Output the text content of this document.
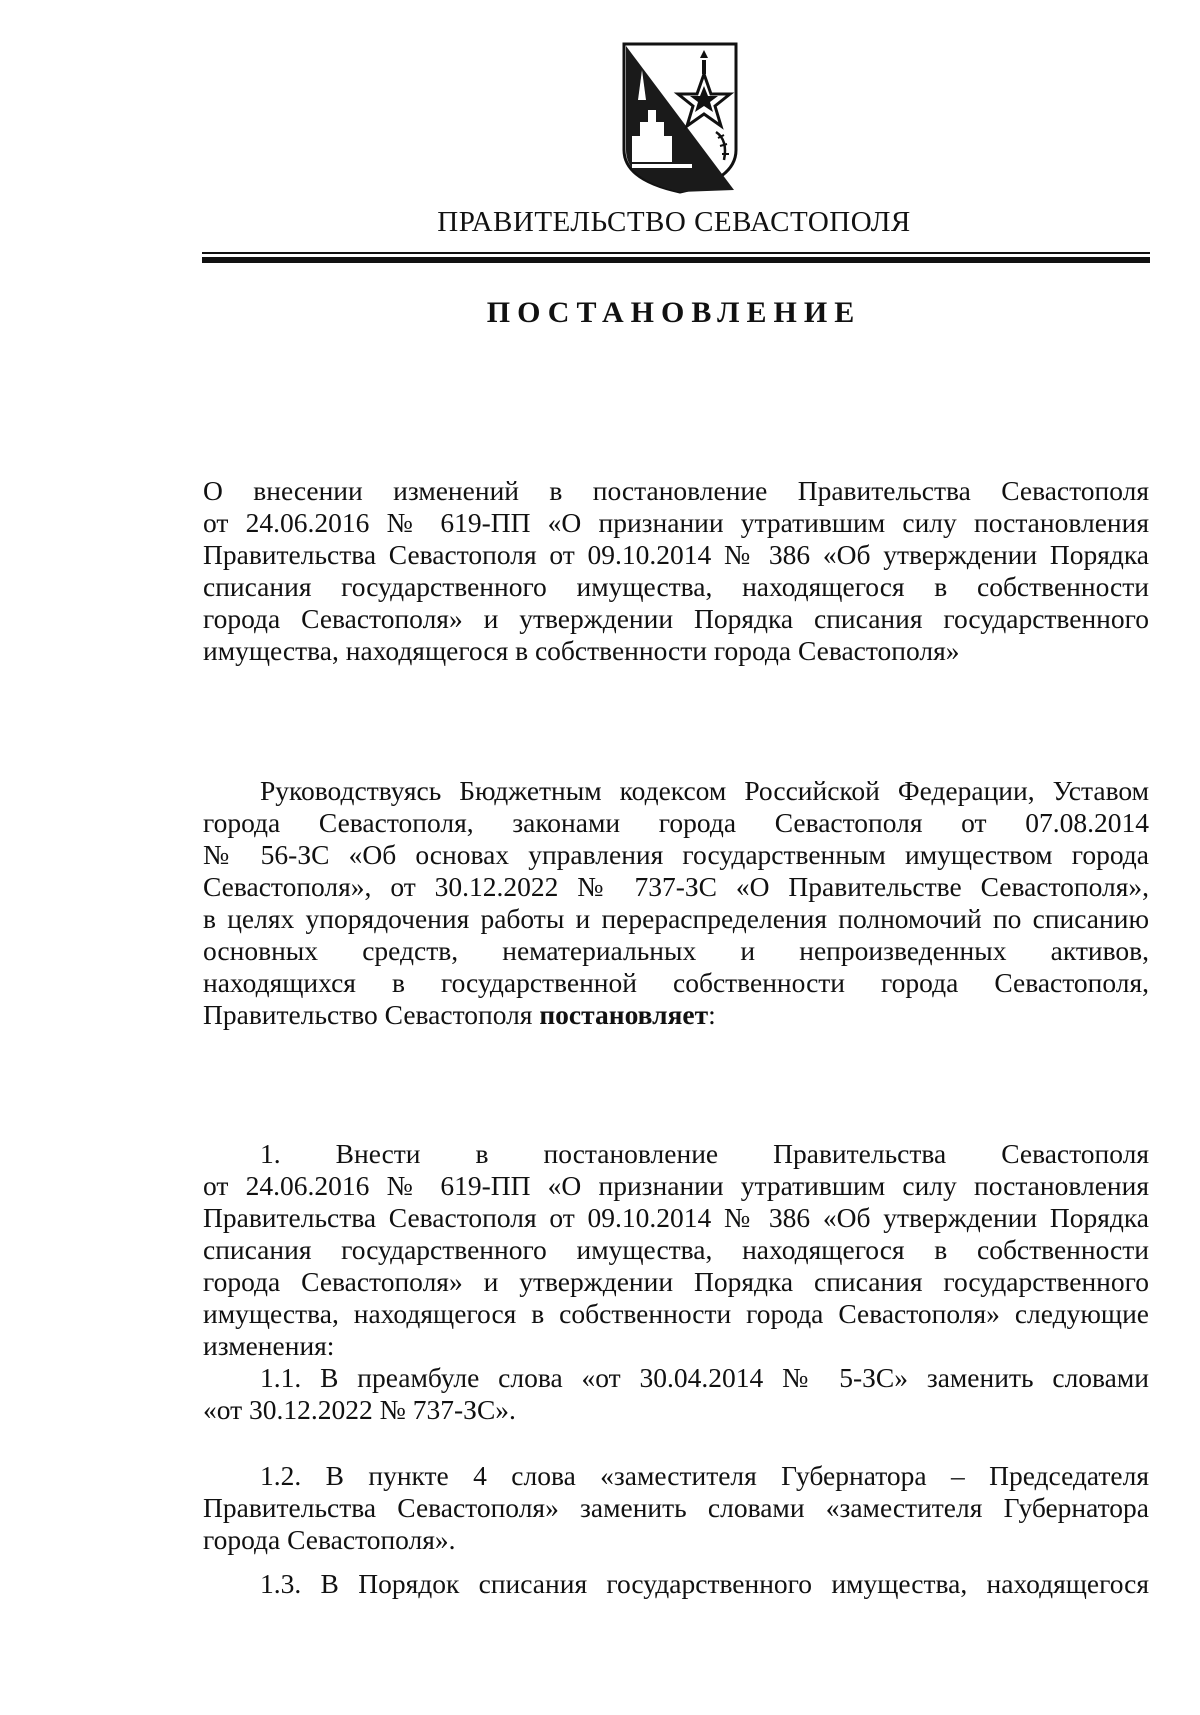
ПРАВИТЕЛЬСТВО СЕВАСТОПОЛЯ
ПОСТАНОВЛЕНИЕ
О внесении изменений в постановление Правительства Севастополя
от 24.06.2016 № 619-ПП «О признании утратившим силу постановления
Правительства Севастополя от 09.10.2014 № 386 «Об утверждении Порядка
списания государственного имущества, находящегося в собственности
города Севастополя» и утверждении Порядка списания государственного
имущества, находящегося в собственности города Севастополя»
Руководствуясь Бюджетным кодексом Российской Федерации, Уставом
города Севастополя, законами города Севастополя от 07.08.2014
№ 56-ЗС «Об основах управления государственным имуществом города
Севастополя», от 30.12.2022 № 737-ЗС «О Правительстве Севастополя»,
в целях упорядочения работы и перераспределения полномочий по списанию
основных средств, нематериальных и непроизведенных активов,
находящихся в государственной собственности города Севастополя,
Правительство Севастополя постановляет:
1. Внести в постановление Правительства Севастополя
от 24.06.2016 № 619-ПП «О признании утратившим силу постановления
Правительства Севастополя от 09.10.2014 № 386 «Об утверждении Порядка
списания государственного имущества, находящегося в собственности
города Севастополя» и утверждении Порядка списания государственного
имущества, находящегося в собственности города Севастополя» следующие
изменения:
1.1. В преамбуле слова «от 30.04.2014 № 5-ЗС» заменить словами
«от 30.12.2022 № 737-ЗС».
1.2. В пункте 4 слова «заместителя Губернатора – Председателя
Правительства Севастополя» заменить словами «заместителя Губернатора
города Севастополя».
1.3. В Порядок списания государственного имущества, находящегося
